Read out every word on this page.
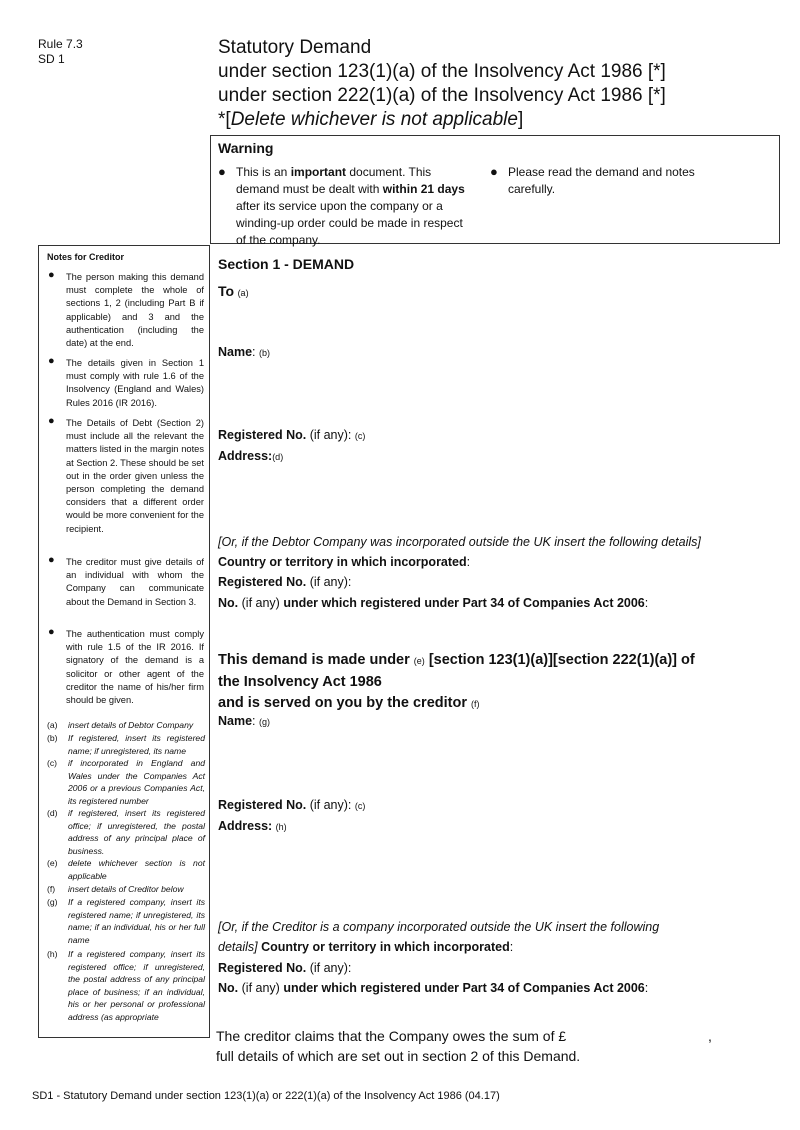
Rule 7.3
SD 1
Statutory Demand
under section 123(1)(a) of the Insolvency Act 1986 [*]
under section 222(1)(a) of the Insolvency Act 1986 [*]
*[Delete whichever is not applicable]
Warning
● This is an important document. This
demand must be dealt with within 21 days
after its service upon the company or a
winding-up order could be made in respect
of the company.
● Please read the demand and notes
carefully.
Notes for Creditor
● The person making this demand must complete the whole of sections 1, 2 (including Part B if applicable) and 3 and the authentication (including the date) at the end.
● The details given in Section 1 must comply with rule 1.6 of the Insolvency (England and Wales) Rules 2016 (IR 2016).
● The Details of Debt (Section 2) must include all the relevant the matters listed in the margin notes at Section 2. These should be set out in the order given unless the person completing the demand considers that a different order would be more convenient for the recipient.
● The creditor must give details of an individual with whom the Company can communicate about the Demand in Section 3.
● The authentication must comply with rule 1.5 of the IR 2016. If signatory of the demand is a solicitor or other agent of the creditor the name of his/her firm should be given.
(a) insert details of Debtor Company
(b) If registered, insert its registered name; if unregistered, its name
(c) if incorporated in England and Wales under the Companies Act 2006 or a previous Companies Act, its registered number
(d) if registered, insert its registered office; if unregistered, the postal address of any principal place of business.
(e) delete whichever section is not applicable
(f) insert details of Creditor below
(g) If a registered company, insert its registered name; if unregistered, its name; if an individual, his or her full name
(h) If a registered company, insert its registered office; if unregistered, the postal address of any principal place of business; if an individual, his or her personal or professional address (as appropriate
Section 1 - DEMAND
To (a)
Name: (b)
Registered No. (if any): (c)
Address:(d)
[Or, if the Debtor Company was incorporated outside the UK insert the following details]
Country or territory in which incorporated:
Registered No. (if any):
No. (if any) under which registered under Part 34 of Companies Act 2006:
This demand is made under (e) [section 123(1)(a)][section 222(1)(a)] of
the Insolvency Act 1986
and is served on you by the creditor (f)
Name: (g)
Registered No. (if any): (c)
Address: (h)
[Or, if the Creditor is a company incorporated outside the UK insert the following
details] Country or territory in which incorporated:
Registered No. (if any):
No. (if any) under which registered under Part 34 of Companies Act 2006:
The creditor claims that the Company owes the sum of £	,
full details of which are set out in section 2 of this Demand.
SD1 - Statutory Demand under section 123(1)(a) or 222(1)(a) of the Insolvency Act 1986 (04.17)
